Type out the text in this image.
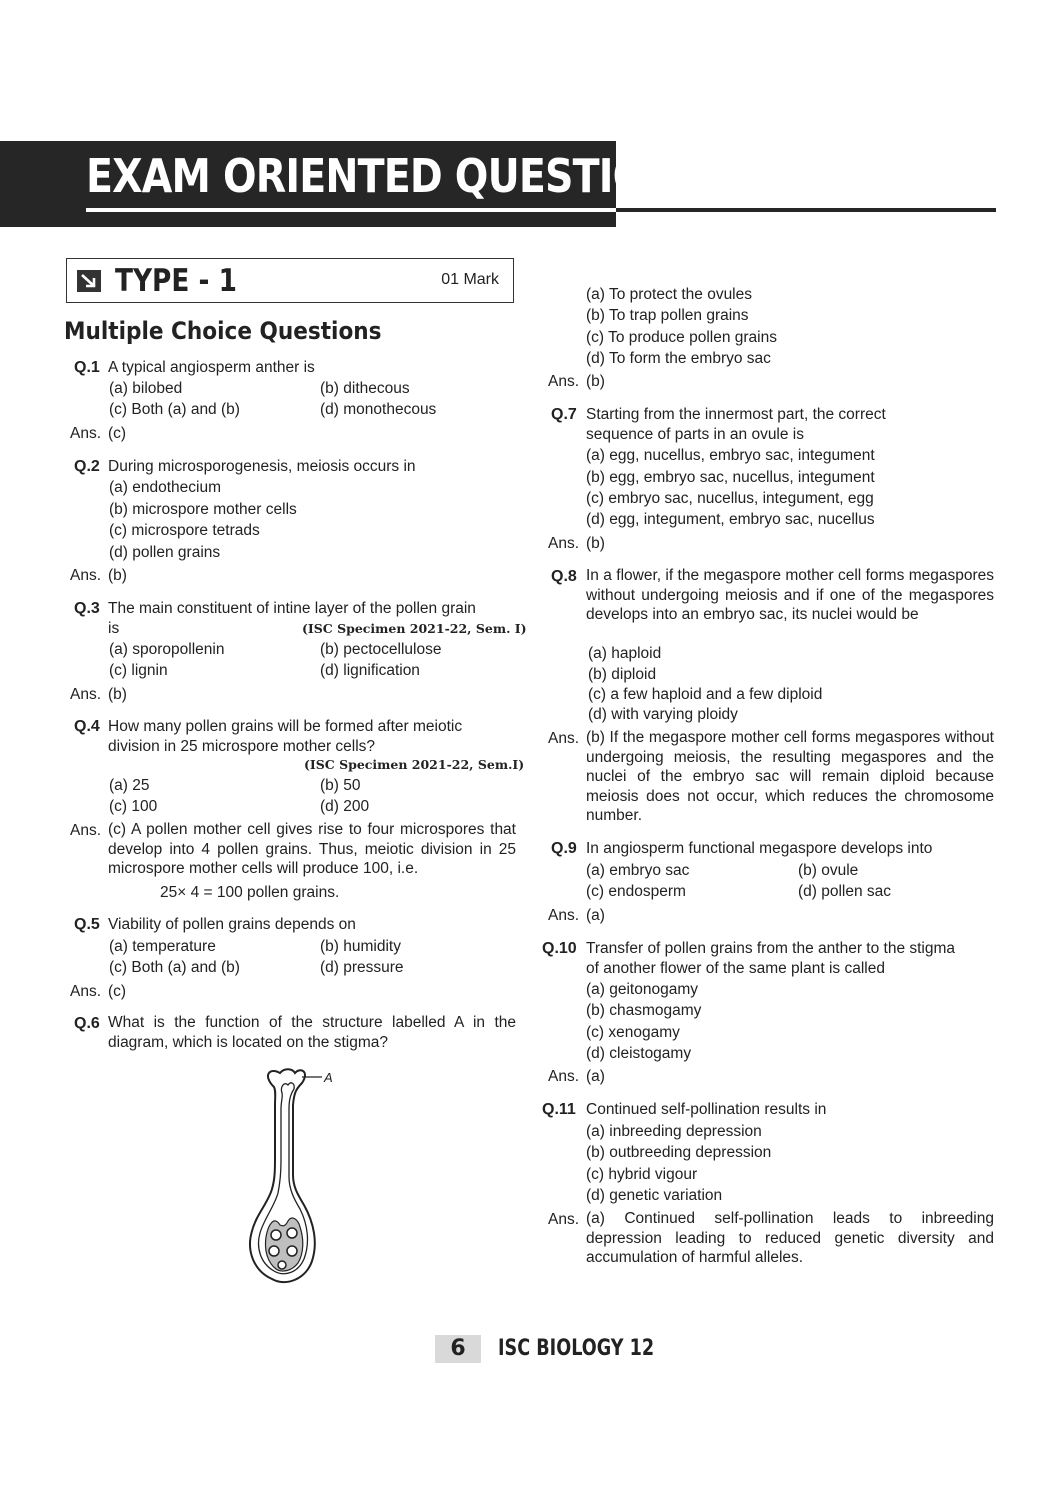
EXAM ORIENTED QUESTIONS
TYPE - 1	01 Mark
Multiple Choice Questions
Q.1 A typical angiosperm anther is
(a) bilobed	(b) dithecous
(c) Both (a) and (b)	(d) monothecous
Ans. (c)
Q.2 During microsporogenesis, meiosis occurs in
(a) endothecium
(b) microspore mother cells
(c) microspore tetrads
(d) pollen grains
Ans. (b)
Q.3 The main constituent of intine layer of the pollen grain
is	(ISC Specimen 2021-22, Sem. I)
(a) sporopollenin	(b) pectocellulose
(c) lignin	(d) lignification
Ans. (b)
Q.4 How many pollen grains will be formed after meiotic
division in 25 microspore mother cells?
(ISC Specimen 2021-22, Sem.I)
(a) 25	(b) 50
(c) 100	(d) 200
Ans. (c) A pollen mother cell gives rise to four microspores that develop into 4 pollen grains. Thus, meiotic division in 25 microspore mother cells will produce 100, i.e.
25× 4 = 100 pollen grains.
Q.5 Viability of pollen grains depends on
(a) temperature	(b) humidity
(c) Both (a) and (b)	(d) pressure
Ans. (c)
Q.6 What is the function of the structure labelled A in the diagram, which is located on the stigma?
A
(a) To protect the ovules
(b) To trap pollen grains
(c) To produce pollen grains
(d) To form the embryo sac
Ans. (b)
Q.7 Starting from the innermost part, the correct
sequence of parts in an ovule is
(a) egg, nucellus, embryo sac, integument
(b) egg, embryo sac, nucellus, integument
(c) embryo sac, nucellus, integument, egg
(d) egg, integument, embryo sac, nucellus
Ans. (b)
Q.8 In a flower, if the megaspore mother cell forms megaspores without undergoing meiosis and if one of the megaspores develops into an embryo sac, its nuclei would be
(a) haploid
(b) diploid
(c) a few haploid and a few diploid
(d) with varying ploidy
Ans. (b) If the megaspore mother cell forms megaspores without undergoing meiosis, the resulting megaspores and the nuclei of the embryo sac will remain diploid because meiosis does not occur, which reduces the chromosome number.
Q.9 In angiosperm functional megaspore develops into
(a) embryo sac	(b) ovule
(c) endosperm	(d) pollen sac
Ans. (a)
Q.10 Transfer of pollen grains from the anther to the stigma
of another flower of the same plant is called
(a) geitonogamy
(b) chasmogamy
(c) xenogamy
(d) cleistogamy
Ans. (a)
Q.11 Continued self-pollination results in
(a) inbreeding depression
(b) outbreeding depression
(c) hybrid vigour
(d) genetic variation
Ans. (a) Continued self-pollination leads to inbreeding depression leading to reduced genetic diversity and accumulation of harmful alleles.
6	ISC BIOLOGY 12
